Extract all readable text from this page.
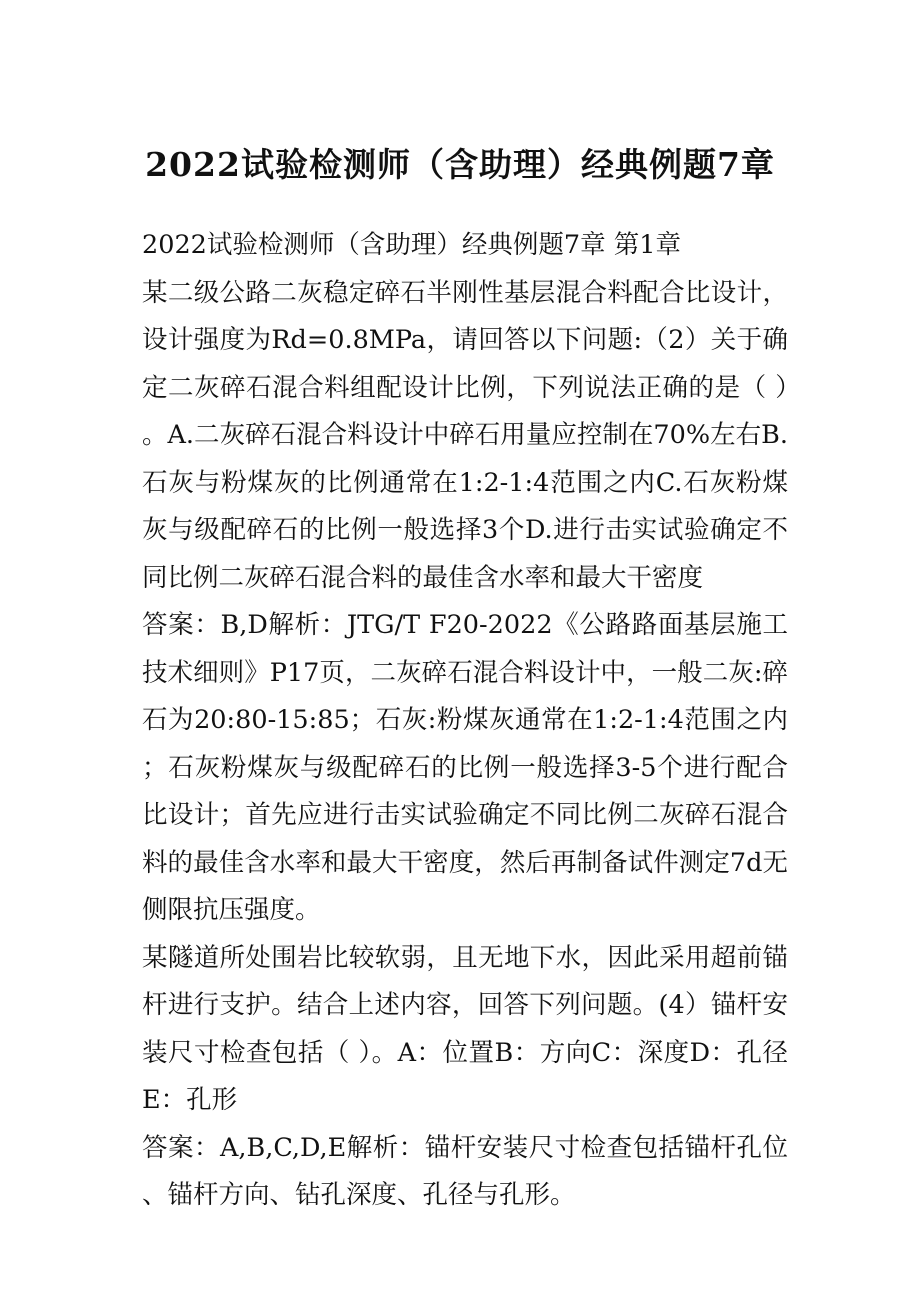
2022试验检测师（含助理）经典例题7章

2022试验检测师（含助理）经典例题7章 第1章

某二级公路二灰稳定碎石半刚性基层混合料配合比设计，设计强度为Rd=0.8MPa，请回答以下问题:（2）关于确定二灰碎石混合料组配设计比例，下列说法正确的是（ ）。A.二灰碎石混合料设计中碎石用量应控制在70%左右B.石灰与粉煤灰的比例通常在1:2-1:4范围之内C.石灰粉煤灰与级配碎石的比例一般选择3个D.进行击实试验确定不同比例二灰碎石混合料的最佳含水率和最大干密度

答案：B,D解析：JTG/T F20-2022《公路路面基层施工技术细则》P17页，二灰碎石混合料设计中，一般二灰:碎石为20:80-15:85；石灰:粉煤灰通常在1:2-1:4范围之内；石灰粉煤灰与级配碎石的比例一般选择3-5个进行配合比设计；首先应进行击实试验确定不同比例二灰碎石混合料的最佳含水率和最大干密度，然后再制备试件测定7d无侧限抗压强度。

某隧道所处围岩比较软弱，且无地下水，因此采用超前锚杆进行支护。结合上述内容，回答下列问题。(4）锚杆安装尺寸检查包括（ ）。A：位置B：方向C：深度D：孔径E：孔形

答案：A,B,C,D,E解析：锚杆安装尺寸检查包括锚杆孔位、锚杆方向、钻孔深度、孔径与孔形。
